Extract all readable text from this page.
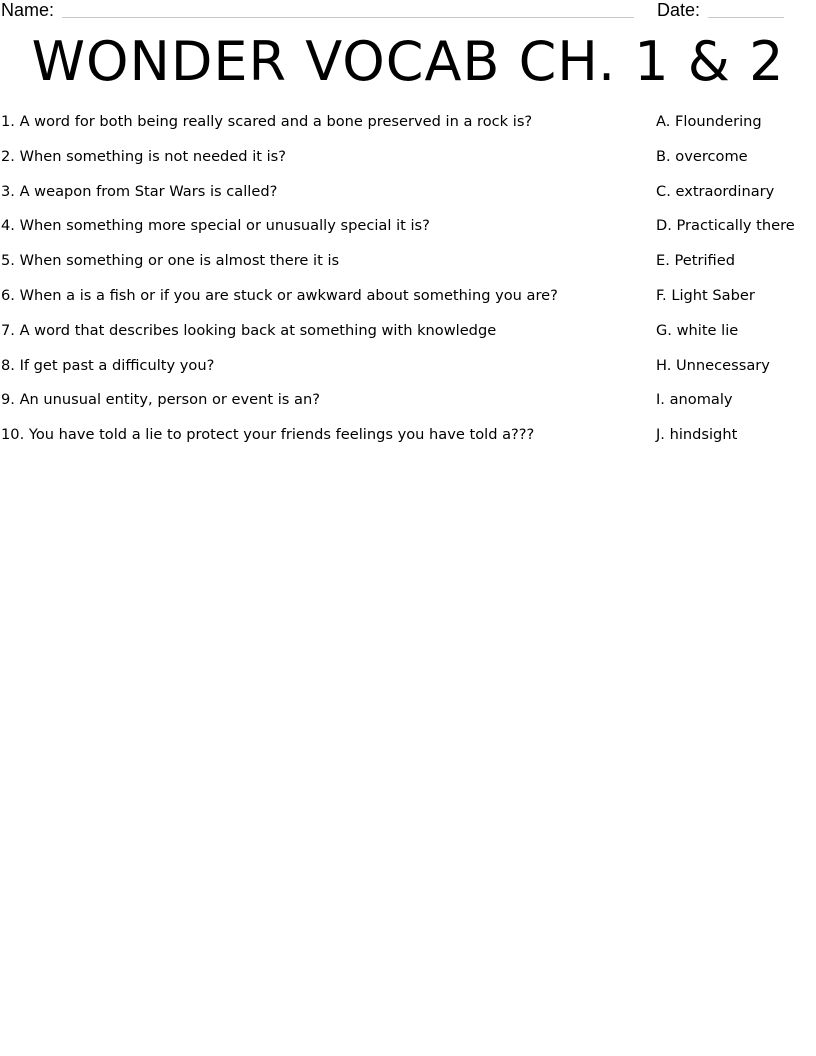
Name:	Date:
WONDER VOCAB CH. 1 & 2
1. A word for both being really scared and a bone preserved in a rock is?
2. When something is not needed it is?
3. A weapon from Star Wars is called?
4. When something more special or unusually special it is?
5. When something or one is almost there it is
6. When a is a fish or if you are stuck or awkward about something you are?
7. A word that describes looking back at something with knowledge
8. If get past a difficulty you?
9. An unusual entity, person or event is an?
10. You have told a lie to protect your friends feelings you have told a???
A. Floundering
B. overcome
C. extraordinary
D. Practically there
E. Petrified
F. Light Saber
G. white lie
H. Unnecessary
I. anomaly
J. hindsight
